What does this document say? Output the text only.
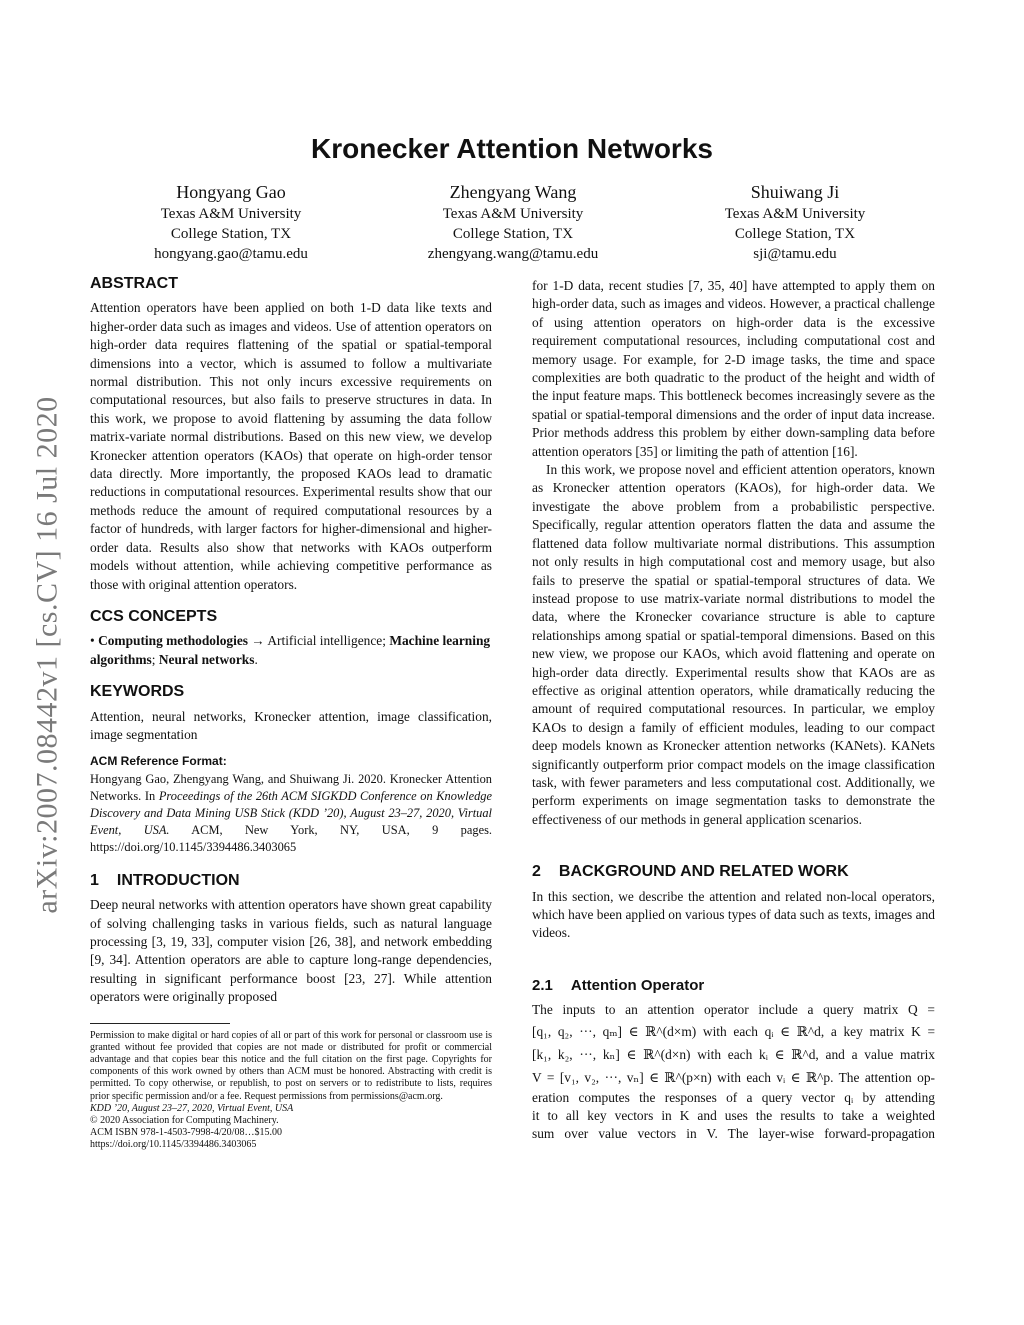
arXiv:2007.08442v1 [cs.CV] 16 Jul 2020
Kronecker Attention Networks
Hongyang Gao
Texas A&M University
College Station, TX
hongyang.gao@tamu.edu
Zhengyang Wang
Texas A&M University
College Station, TX
zhengyang.wang@tamu.edu
Shuiwang Ji
Texas A&M University
College Station, TX
sji@tamu.edu
ABSTRACT

Attention operators have been applied on both 1-D data like texts and higher-order data such as images and videos. Use of attention operators on high-order data requires flattening of the spatial or spatial-temporal dimensions into a vector, which is assumed to follow a multivariate normal distribution. This not only incurs excessive requirements on computational resources, but also fails to preserve structures in data. In this work, we propose to avoid flattening by assuming the data follow matrix-variate normal distributions. Based on this new view, we develop Kronecker attention operators (KAOs) that operate on high-order tensor data directly. More importantly, the proposed KAOs lead to dramatic reductions in computational resources. Experimental results show that our methods reduce the amount of required computational resources by a factor of hundreds, with larger factors for higher-dimensional and higher-order data. Results also show that networks with KAOs outperform models without attention, while achieving competitive performance as those with original attention operators.

CCS CONCEPTS

• Computing methodologies → Artificial intelligence; Machine learning algorithms; Neural networks.

KEYWORDS

Attention, neural networks, Kronecker attention, image classification, image segmentation

ACM Reference Format:

Hongyang Gao, Zhengyang Wang, and Shuiwang Ji. 2020. Kronecker Attention Networks. In Proceedings of the 26th ACM SIGKDD Conference on Knowledge Discovery and Data Mining USB Stick (KDD ’20), August 23–27, 2020, Virtual Event, USA. ACM, New York, NY, USA, 9 pages. https://doi.org/10.1145/3394486.3403065

1 INTRODUCTION

Deep neural networks with attention operators have shown great capability of solving challenging tasks in various fields, such as natural language processing [3, 19, 33], computer vision [26, 38], and network embedding [9, 34]. Attention operators are able to capture long-range dependencies, resulting in significant performance boost [23, 27]. While attention operators were originally proposed

Permission to make digital or hard copies of all or part of this work for personal or classroom use is granted without fee provided that copies are not made or distributed for profit or commercial advantage and that copies bear this notice and the full citation on the first page. Copyrights for components of this work owned by others than ACM must be honored. Abstracting with credit is permitted. To copy otherwise, or republish, to post on servers or to redistribute to lists, requires prior specific permission and/or a fee. Request permissions from permissions@acm.org.

KDD ’20, August 23–27, 2020, Virtual Event, USA

© 2020 Association for Computing Machinery.

ACM ISBN 978-1-4503-7998-4/20/08…$15.00

https://doi.org/10.1145/3394486.3403065

for 1-D data, recent studies [7, 35, 40] have attempted to apply them on high-order data, such as images and videos. However, a practical challenge of using attention operators on high-order data is the excessive requirement computational resources, including computational cost and memory usage. For example, for 2-D image tasks, the time and space complexities are both quadratic to the product of the height and width of the input feature maps. This bottleneck becomes increasingly severe as the spatial or spatial-temporal dimensions and the order of input data increase. Prior methods address this problem by either down-sampling data before attention operators [35] or limiting the path of attention [16].

In this work, we propose novel and efficient attention operators, known as Kronecker attention operators (KAOs), for high-order data. We investigate the above problem from a probabilistic perspective. Specifically, regular attention operators flatten the data and assume the flattened data follow multivariate normal distributions. This assumption not only results in high computational cost and memory usage, but also fails to preserve the spatial or spatial-temporal structures of data. We instead propose to use matrix-variate normal distributions to model the data, where the Kronecker covariance structure is able to capture relationships among spatial or spatial-temporal dimensions. Based on this new view, we propose our KAOs, which avoid flattening and operate on high-order data directly. Experimental results show that KAOs are as effective as original attention operators, while dramatically reducing the amount of required computational resources. In particular, we employ KAOs to design a family of efficient modules, leading to our compact deep models known as Kronecker attention networks (KANets). KANets significantly outperform prior compact models on the image classification task, with fewer parameters and less computational cost. Additionally, we perform experiments on image segmentation tasks to demonstrate the effectiveness of our methods in general application scenarios.

2 BACKGROUND AND RELATED WORK

In this section, we describe the attention and related non-local operators, which have been applied on various types of data such as texts, images and videos.

2.1 Attention Operator
The inputs to an attention operator include a query matrix Q =
[q₁, q₂, ···, qₘ] ∈ ℝ^(d×m) with each qᵢ ∈ ℝ^d, a key matrix K =
[k₁, k₂, ···, kₙ] ∈ ℝ^(d×n) with each kᵢ ∈ ℝ^d, and a value matrix
V = [v₁, v₂, ···, vₙ] ∈ ℝ^(p×n) with each vᵢ ∈ ℝ^p. The attention op-
eration computes the responses of a query vector qᵢ by attending
it to all key vectors in K and uses the results to take a weighted
sum over value vectors in V. The layer-wise forward-propagation
